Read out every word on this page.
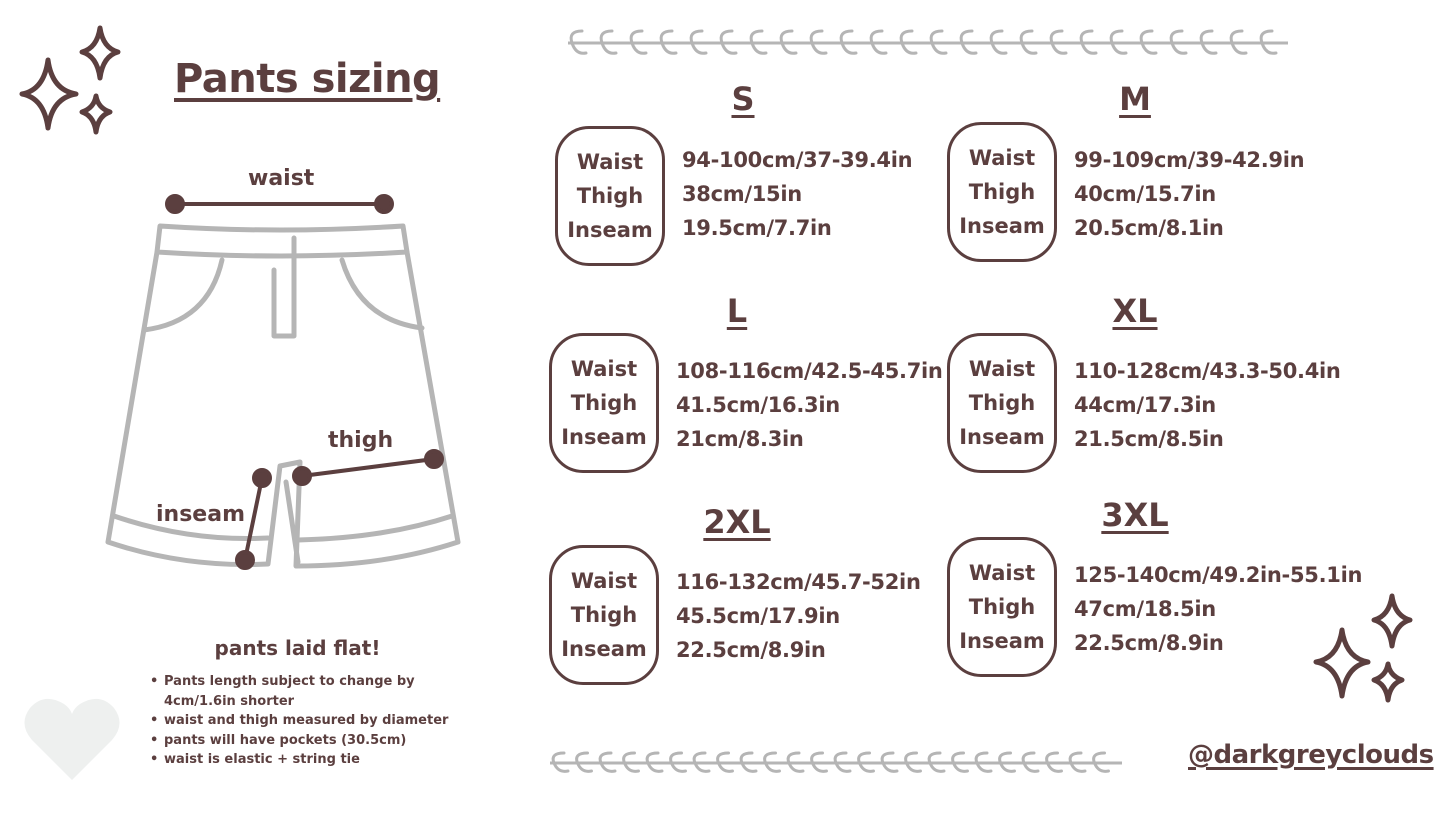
Pants sizing
waist
thigh
inseam
S
Waist
Thigh
Inseam
94-100cm/37-39.4in
38cm/15in
19.5cm/7.7in
M
Waist
Thigh
Inseam
99-109cm/39-42.9in
40cm/15.7in
20.5cm/8.1in
L
Waist
Thigh
Inseam
108-116cm/42.5-45.7in
41.5cm/16.3in
21cm/8.3in
XL
Waist
Thigh
Inseam
110-128cm/43.3-50.4in
44cm/17.3in
21.5cm/8.5in
2XL
Waist
Thigh
Inseam
116-132cm/45.7-52in
45.5cm/17.9in
22.5cm/8.9in
3XL
Waist
Thigh
Inseam
125-140cm/49.2in-55.1in
47cm/18.5in
22.5cm/8.9in
pants laid flat!
• Pants length subject to change by 4cm/1.6in shorter
• waist and thigh measured by diameter
• pants will have pockets (30.5cm)
• waist is elastic + string tie	@darkgreyclouds
